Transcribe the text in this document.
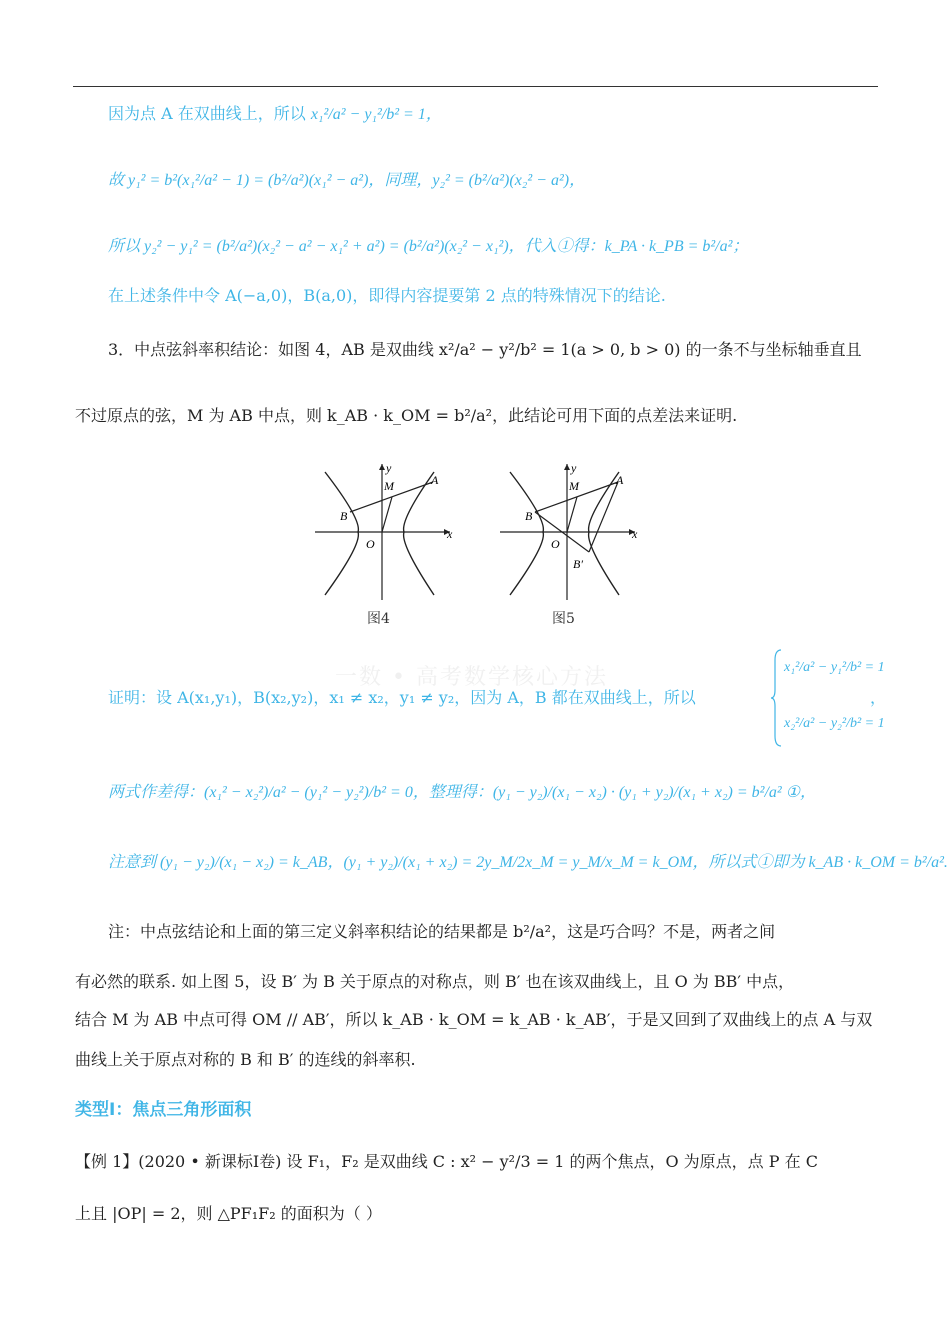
因为点 A 在双曲线上，所以 x₁²/a² − y₁²/b² = 1，
故 y₁² = b²(x₁²/a² − 1) = (b²/a²)(x₁² − a²)，同理，y₂² = (b²/a²)(x₂² − a²)，
所以 y₂² − y₁² = (b²/a²)(x₂² − a² − x₁² + a²) = (b²/a²)(x₂² − x₁²)，代入①得：k_PA · k_PB = b²/a²；
在上述条件中令 A(−a,0)，B(a,0)，即得内容提要第 2 点的特殊情况下的结论.
3．中点弦斜率积结论：如图 4，AB 是双曲线 x²/a² − y²/b² = 1(a > 0, b > 0) 的一条不与坐标轴垂直且
不过原点的弦，M 为 AB 中点，则 k_AB · k_OM = b²/a²，此结论可用下面的点差法来证明.
B
A
M
O
x
y
图4
B
A
M
O
x
y
B′
图5
一数 • 高考数学核心方法
证明：设 A(x₁,y₁)，B(x₂,y₂)，x₁ ≠ x₂，y₁ ≠ y₂，因为 A，B 都在双曲线上，所以
x₁²/a² − y₁²/b² = 1
x₂²/a² − y₂²/b² = 1
，
两式作差得：(x₁² − x₂²)/a² − (y₁² − y₂²)/b² = 0，整理得：(y₁ − y₂)/(x₁ − x₂) · (y₁ + y₂)/(x₁ + x₂) = b²/a² ①，
注意到 (y₁ − y₂)/(x₁ − x₂) = k_AB，(y₁ + y₂)/(x₁ + x₂) = 2y_M/2x_M = y_M/x_M = k_OM，所以式①即为 k_AB · k_OM = b²/a².
注：中点弦结论和上面的第三定义斜率积结论的结果都是 b²/a²，这是巧合吗？不是，两者之间
有必然的联系. 如上图 5，设 B′ 为 B 关于原点的对称点，则 B′ 也在该双曲线上，且 O 为 BB′ 中点，
结合 M 为 AB 中点可得 OM // AB′，所以 k_AB · k_OM = k_AB · k_AB′，于是又回到了双曲线上的点 A 与双
曲线上关于原点对称的 B 和 B′ 的连线的斜率积.
类型Ⅰ：焦点三角形面积
【例 1】(2020 • 新课标Ⅰ卷) 设 F₁，F₂ 是双曲线 C : x² − y²/3 = 1 的两个焦点，O 为原点，点 P 在 C
上且 |OP| = 2，则 △PF₁F₂ 的面积为（ ）
